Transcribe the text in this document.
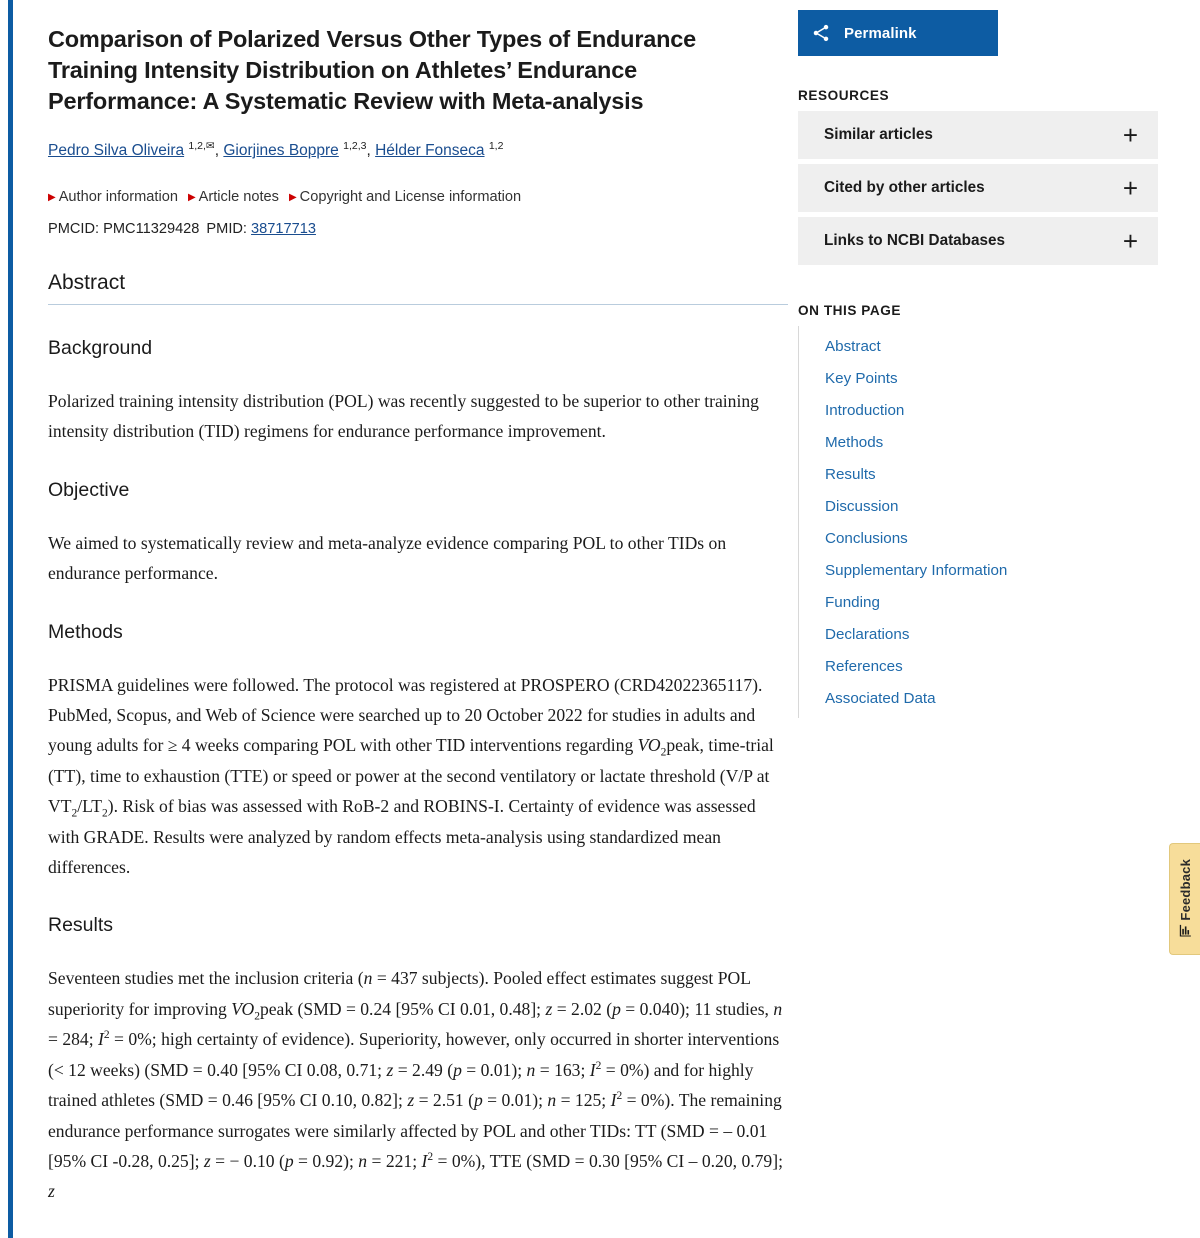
Comparison of Polarized Versus Other Types of Endurance Training Intensity Distribution on Athletes’ Endurance Performance: A Systematic Review with Meta-analysis
Pedro Silva Oliveira $^{1,2,✉}$, Giorjines Boppre $^{1,2,3}$, Hélder Fonseca $^{1,2}$
▶ Author information ▶ Article notes ▶ Copyright and License information
PMCID: PMC11329428 PMID: 38717713
Abstract
Background

Polarized training intensity distribution (POL) was recently suggested to be superior to other training intensity distribution (TID) regimens for endurance performance improvement.

Objective

We aimed to systematically review and meta-analyze evidence comparing POL to other TIDs on endurance performance.

Methods

PRISMA guidelines were followed. The protocol was registered at PROSPERO (CRD42022365117). PubMed, Scopus, and Web of Science were searched up to 20 October 2022 for studies in adults and young adults for ≥ 4 weeks comparing POL with other TID interventions regarding $VO_2peak$, time-trial (TT), time to exhaustion (TTE) or speed or power at the second ventilatory or lactate threshold (V/P at $VT_2/LT_2$). Risk of bias was assessed with RoB-2 and ROBINS-I. Certainty of evidence was assessed with GRADE. Results were analyzed by random effects meta-analysis using standardized mean differences.

Results

Seventeen studies met the inclusion criteria (n = 437 subjects). Pooled effect estimates suggest POL superiority for improving $VO_2peak$ (SMD = 0.24 [95% CI 0.01, 0.48]; z = 2.02 (p = 0.040); 11 studies, n = 284; $I^2 = 0\%$; high certainty of evidence). Superiority, however, only occurred in shorter interventions (< 12 weeks) (SMD = 0.40 [95% CI 0.08, 0.71; z = 2.49 (p = 0.01); n = 163; $I^2 = 0\%$) and for highly trained athletes (SMD = 0.46 [95% CI 0.10, 0.82]; z = 2.51 (p = 0.01); n = 125; $I^2 = 0\%$). The remaining endurance performance surrogates were similarly affected by POL and other TIDs: TT (SMD = – 0.01 [95% CI -0.28, 0.25]; z = − 0.10 (p = 0.92); n = 221; $I^2 = 0\%$), TTE (SMD = 0.30 [95% CI – 0.20, 0.79]; z

Permalink
RESOURCES
Similar articles	+
Cited by other articles	+
Links to NCBI Databases	+
ON THIS PAGE
Abstract
Key Points
Introduction
Methods
Results
Discussion
Conclusions
Supplementary Information
Funding
Declarations
References
Associated Data
Feedback
